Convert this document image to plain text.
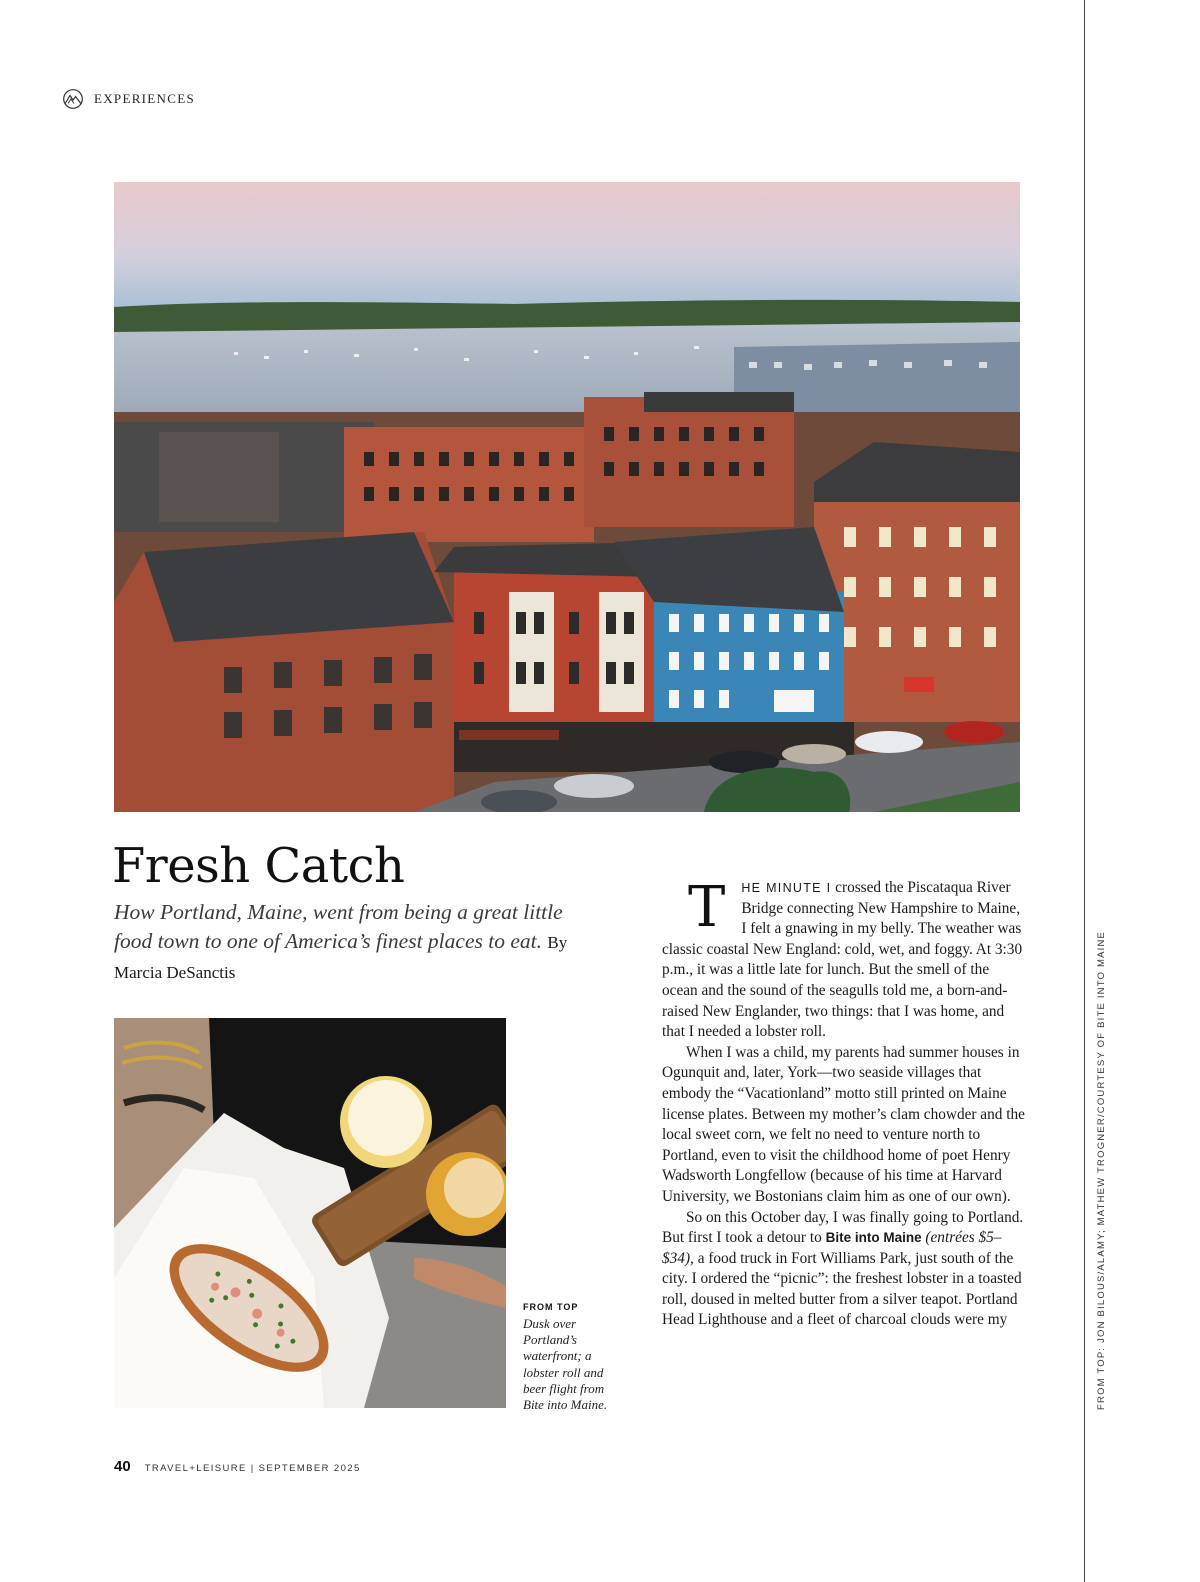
EXPERIENCES
FROM TOP: JON BILOUS/ALAMY; MATHEW TROGNER/COURTESY OF BITE INTO MAINE
Fresh Catch
How Portland, Maine, went from being a great little food town to one of America’s finest places to eat. By Marcia DeSanctis
FROM TOP
Dusk over Portland’s waterfront; a lobster roll and beer flight from Bite into Maine.

T HE MINUTE I crossed the Piscataqua River Bridge connecting New Hampshire to Maine, I felt a gnawing in my belly. The weather was classic coastal New England: cold, wet, and foggy. At 3:30 p.m., it was a little late for lunch. But the smell of the ocean and the sound of the seagulls told me, a born-and-raised New Englander, two things: that I was home, and that I needed a lobster roll.

When I was a child, my parents had summer houses in Ogunquit and, later, York—two seaside villages that embody the “Vacationland” motto still printed on Maine license plates. Between my mother’s clam chowder and the local sweet corn, we felt no need to venture north to Portland, even to visit the childhood home of poet Henry Wadsworth Longfellow (because of his time at Harvard University, we Bostonians claim him as one of our own).

So on this October day, I was finally going to Portland. But first I took a detour to Bite into Maine (entrées $5–$34), a food truck in Fort Williams Park, just south of the city. I ordered the “picnic”: the freshest lobster in a toasted roll, doused in melted butter from a silver teapot. Portland Head Lighthouse and a fleet of charcoal clouds were my

40 TRAVEL+LEISURE | SEPTEMBER 2025
